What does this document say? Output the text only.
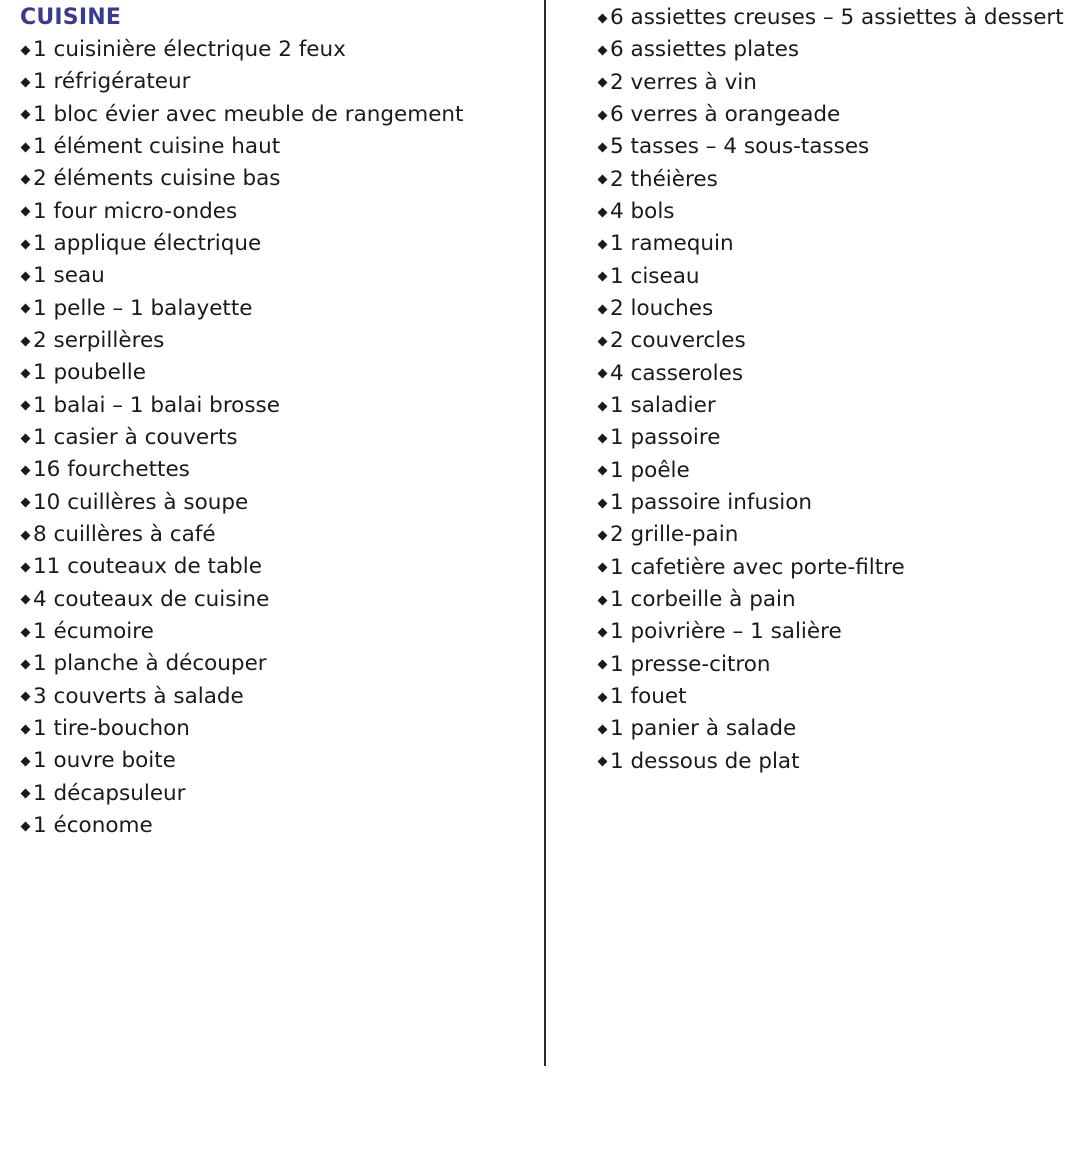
CUISINE
1 cuisinière électrique 2 feux
1 réfrigérateur
1 bloc évier avec meuble de rangement
1 élément cuisine haut
2 éléments cuisine bas
1 four micro-ondes
1 applique électrique
1 seau
1 pelle – 1 balayette
2 serpillères
1 poubelle
1 balai – 1 balai brosse
1 casier à couverts
16 fourchettes
10 cuillères à soupe
8 cuillères à café
11 couteaux de table
4 couteaux de cuisine
1 écumoire
1 planche à découper
3 couverts à salade
1 tire-bouchon
1 ouvre boite
1 décapsuleur
1 économe
6 assiettes creuses – 5 assiettes à dessert
6 assiettes plates
2 verres à vin
6 verres à orangeade
5 tasses – 4 sous-tasses
2 théières
4 bols
1 ramequin
1 ciseau
2 louches
2 couvercles
4 casseroles
1 saladier
1 passoire
1 poêle
1 passoire infusion
2 grille-pain
1 cafetière avec porte-filtre
1 corbeille à pain
1 poivrière – 1 salière
1 presse-citron
1 fouet
1 panier à salade
1 dessous de plat
